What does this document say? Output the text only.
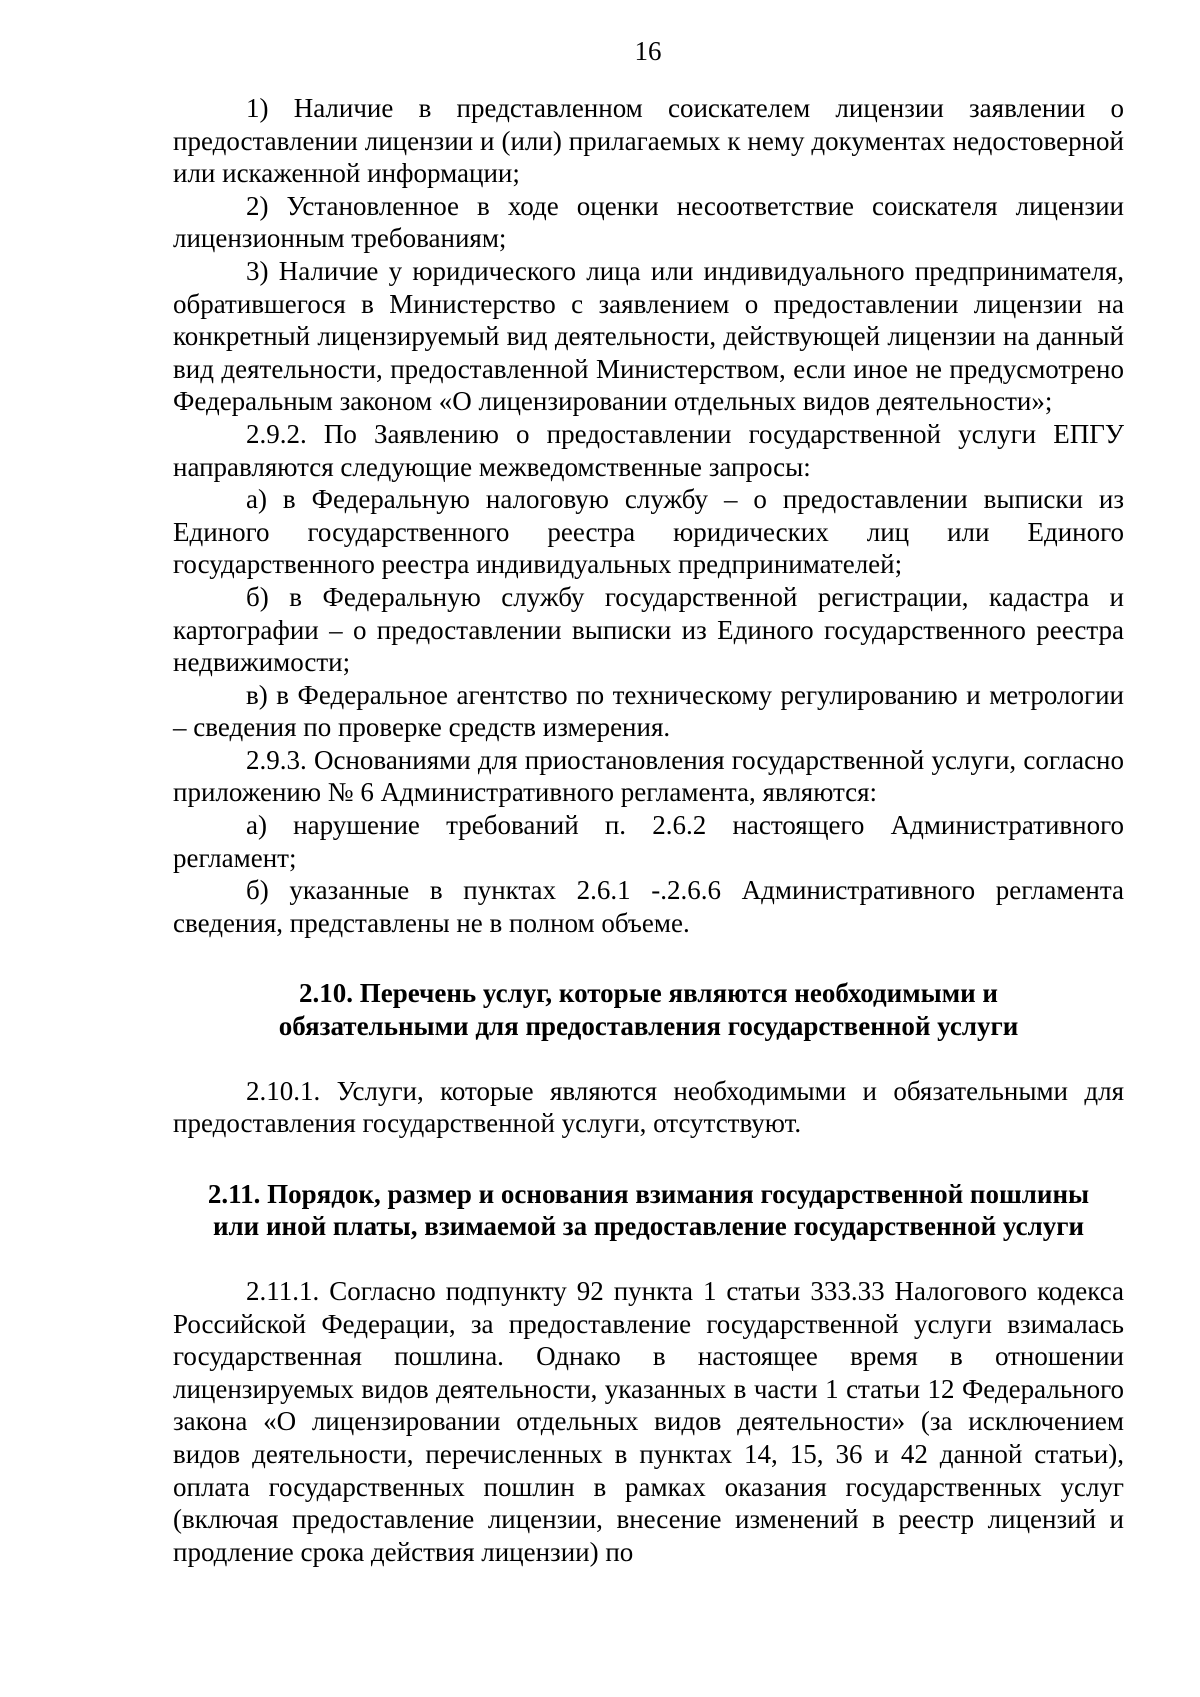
16

1) Наличие в представленном соискателем лицензии заявлении о предоставлении лицензии и (или) прилагаемых к нему документах недостоверной или искаженной информации;

2) Установленное в ходе оценки несоответствие соискателя лицензии лицензионным требованиям;

3) Наличие у юридического лица или индивидуального предпринимателя, обратившегося в Министерство с заявлением о предоставлении лицензии на конкретный лицензируемый вид деятельности, действующей лицензии на данный вид деятельности, предоставленной Министерством, если иное не предусмотрено Федеральным законом «О лицензировании отдельных видов деятельности»;

2.9.2. По Заявлению о предоставлении государственной услуги ЕПГУ направляются следующие межведомственные запросы:

а) в Федеральную налоговую службу – о предоставлении выписки из Единого государственного реестра юридических лиц или Единого государственного реестра индивидуальных предпринимателей;

б) в Федеральную службу государственной регистрации, кадастра и картографии – о предоставлении выписки из Единого государственного реестра недвижимости;

в) в Федеральное агентство по техническому регулированию и метрологии – сведения по проверке средств измерения.

2.9.3. Основаниями для приостановления государственной услуги, согласно приложению № 6 Административного регламента, являются:

а) нарушение требований п. 2.6.2 настоящего Административного регламент;

б) указанные в пунктах 2.6.1 -.2.6.6 Административного регламента сведения, представлены не в полном объеме.

2.10. Перечень услуг, которые являются необходимыми и
обязательными для предоставления государственной услуги

2.10.1. Услуги, которые являются необходимыми и обязательными для предоставления государственной услуги, отсутствуют.

2.11. Порядок, размер и основания взимания государственной пошлины
или иной платы, взимаемой за предоставление государственной услуги

2.11.1. Согласно подпункту 92 пункта 1 статьи 333.33 Налогового кодекса Российской Федерации, за предоставление государственной услуги взималась государственная пошлина. Однако в настоящее время в отношении лицензируемых видов деятельности, указанных в части 1 статьи 12 Федерального закона «О лицензировании отдельных видов деятельности» (за исключением видов деятельности, перечисленных в пунктах 14, 15, 36 и 42 данной статьи), оплата государственных пошлин в рамках оказания государственных услуг (включая предоставление лицензии, внесение изменений в реестр лицензий и продление срока действия лицензии) по
